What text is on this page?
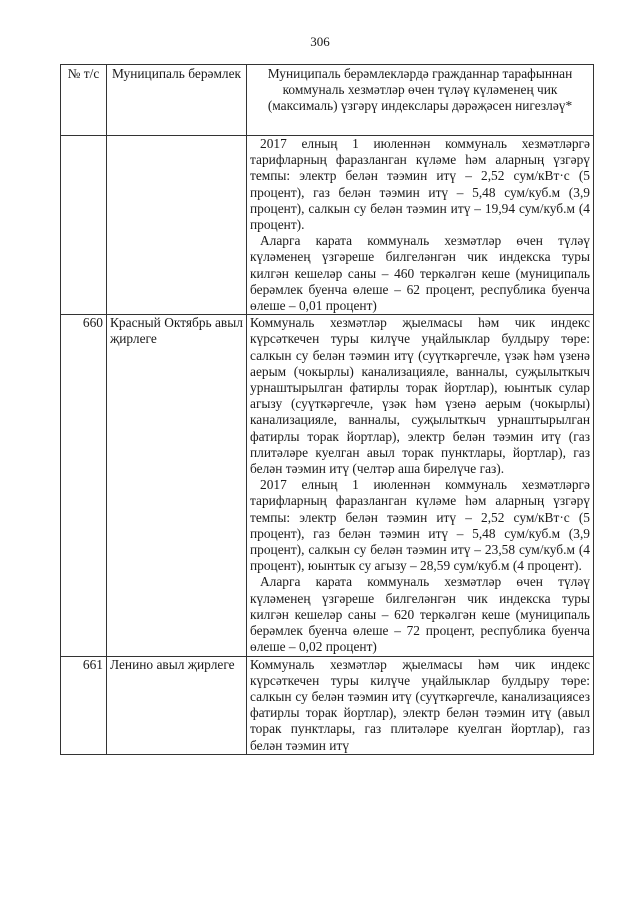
306
№ т/с	Муниципаль берәмлек	Муниципаль берәмлекләрдә гражданнар тарафыннан коммуналь хезмәтләр өчен түләү күләменең чик (максималь) үзгәрү индекслары дәрәҗәсен нигезләү*

		2017 елның 1 июленнән коммуналь хезмәтләргә тарифларның фаразланган күләме һәм аларның үзгәрү темпы: электр белән тәэмин итү – 2,52 сум/кВт·с (5 процент), газ белән тәэмин итү – 5,48 сум/куб.м (3,9 процент), салкын су белән тәэмин итү – 19,94 сум/куб.м (4 процент).

Аларга карата коммуналь хезмәтләр өчен түләү күләменең үзгәреше билгеләнгән чик индекска туры килгән кешеләр саны – 460 теркәлгән кеше (муниципаль берәмлек буенча өлеше – 62 процент, республика буенча өлеше – 0,01 процент)

660	Красный Октябрь авыл җирлеге	Коммуналь хезмәтләр җыелмасы һәм чик индекс күрсәткечен туры килүче уңайлыклар булдыру төре: салкын су белән тәэмин итү (суүткәргечле, үзәк һәм үзенә аерым (чокырлы) канализацияле, ванналы, суҗылыткыч урнаштырылган фатирлы торак йортлар), юынтык сулар агызу (суүткәргечле, үзәк һәм үзенә аерым (чокырлы) канализацияле, ванналы, суҗылыткыч урнаштырылган фатирлы торак йортлар), электр белән тәэмин итү (газ плитәләре куелган авыл торак пунктлары, йортлар), газ белән тәэмин итү (челтәр аша бирелүче газ).

2017 елның 1 июленнән коммуналь хезмәтләргә тарифларның фаразланган күләме һәм аларның үзгәрү темпы: электр белән тәэмин итү – 2,52 сум/кВт·с (5 процент), газ белән тәэмин итү – 5,48 сум/куб.м (3,9 процент), салкын су белән тәэмин итү – 23,58 сум/куб.м (4 процент), юынтык су агызу – 28,59 сум/куб.м (4 процент).

Аларга карата коммуналь хезмәтләр өчен түләү күләменең үзгәреше билгеләнгән чик индекска туры килгән кешеләр саны – 620 теркәлгән кеше (муниципаль берәмлек буенча өлеше – 72 процент, республика буенча өлеше – 0,02 процент)

661	Ленино авыл җирлеге	Коммуналь хезмәтләр җыелмасы һәм чик индекс күрсәткечен туры килүче уңайлыклар булдыру төре: салкын су белән тәэмин итү (суүткәргечле, канализациясез фатирлы торак йортлар), электр белән тәэмин итү (авыл торак пунктлары, газ плитәләре куелган йортлар), газ белән тәэмин итү
